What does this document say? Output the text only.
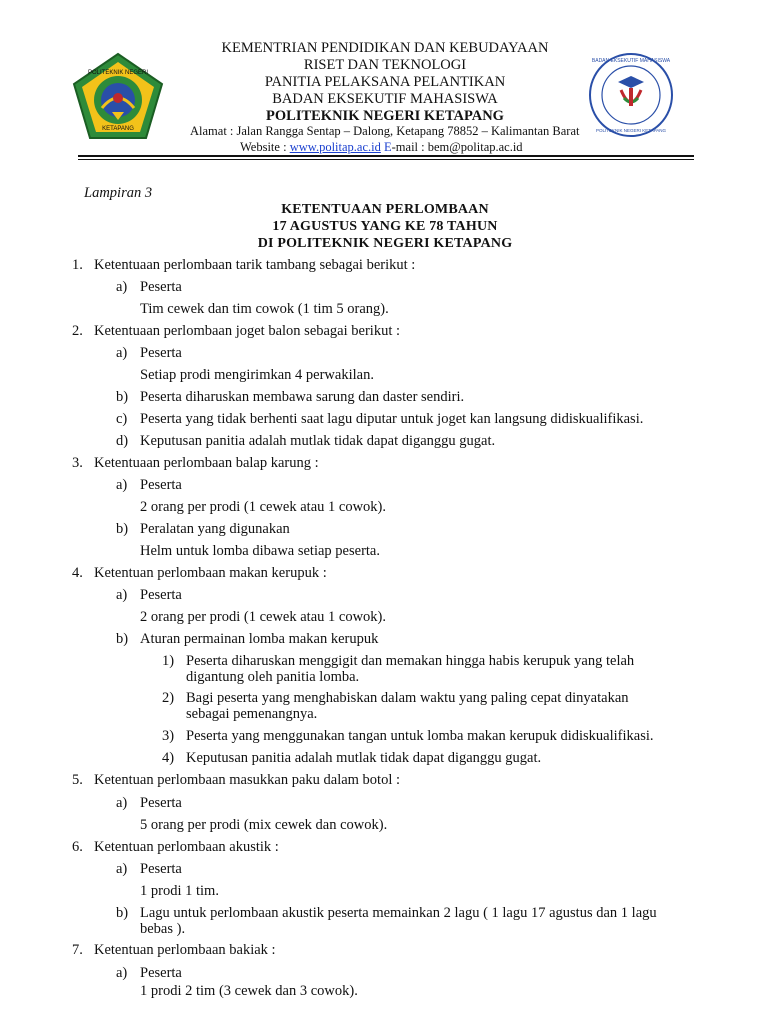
POLITEKNIK NEGERI
KETAPANG
BADAN EKSEKUTIF MAHASISWA
POLITEKNIK NEGERI KETAPANG
KEMENTRIAN PENDIDIKAN DAN KEBUDAYAAN
RISET DAN TEKNOLOGI
PANITIA PELAKSANA PELANTIKAN
BADAN EKSEKUTIF MAHASISWA
POLITEKNIK NEGERI KETAPANG
Alamat : Jalan Rangga Sentap – Dalong, Ketapang 78852 – Kalimantan Barat
Website : www.politap.ac.id E-mail : bem@politap.ac.id
Lampiran 3
KETENTUAAN PERLOMBAAN
17 AGUSTUS YANG KE 78 TAHUN
DI POLITEKNIK NEGERI KETAPANG
1. Ketentuaan perlombaan tarik tambang sebagai berikut :
a) Peserta
Tim cewek dan tim cowok (1 tim 5 orang).
2. Ketentuaan perlombaan joget balon sebagai berikut :
a) Peserta
Setiap prodi mengirimkan 4 perwakilan.
b) Peserta diharuskan membawa sarung dan daster sendiri.
c) Peserta yang tidak berhenti saat lagu diputar untuk joget kan langsung didiskualifikasi.
d) Keputusan panitia adalah mutlak tidak dapat diganggu gugat.
3. Ketentuaan perlombaan balap karung :
a) Peserta
2 orang per prodi (1 cewek atau 1 cowok).
b) Peralatan yang digunakan
Helm untuk lomba dibawa setiap peserta.
4. Ketentuan perlombaan makan kerupuk :
a) Peserta
2 orang per prodi (1 cewek atau 1 cowok).
b) Aturan permainan lomba makan kerupuk
1) Peserta diharuskan menggigit dan memakan hingga habis kerupuk yang telah
digantung oleh panitia lomba.
2) Bagi peserta yang menghabiskan dalam waktu yang paling cepat dinyatakan
sebagai pemenangnya.
3) Peserta yang menggunakan tangan untuk lomba makan kerupuk didiskualifikasi.
4) Keputusan panitia adalah mutlak tidak dapat diganggu gugat.
5. Ketentuan perlombaan masukkan paku dalam botol :
a) Peserta
5 orang per prodi (mix cewek dan cowok).
6. Ketentuan perlombaan akustik :
a) Peserta
1 prodi 1 tim.
b) Lagu untuk perlombaan akustik peserta memainkan 2 lagu ( 1 lagu 17 agustus dan 1 lagu
bebas ).
7. Ketentuan perlombaan bakiak :
a) Peserta
1 prodi 2 tim (3 cewek dan 3 cowok).
